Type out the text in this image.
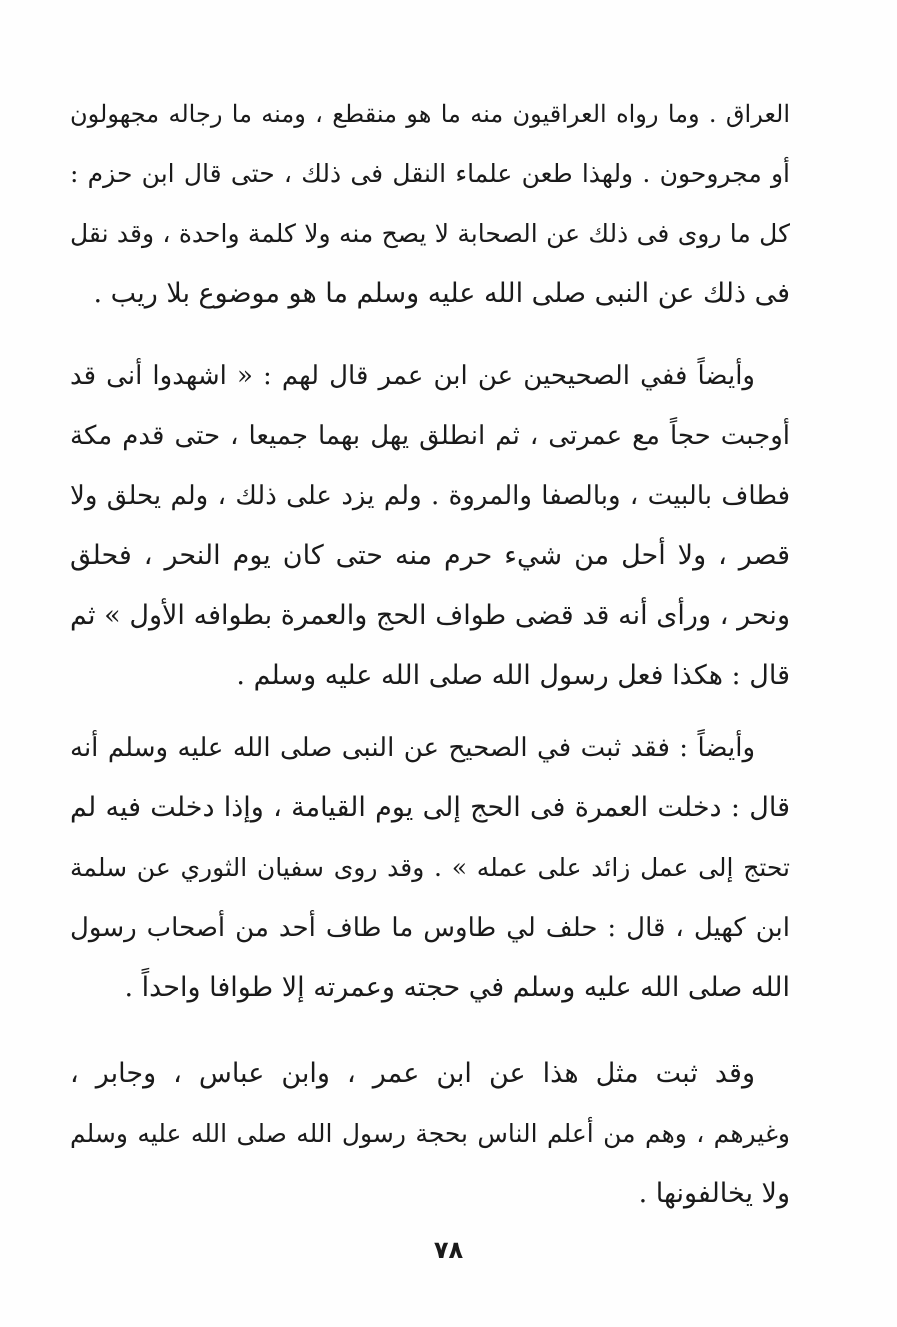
العراق . وما رواه العراقيون منه ما هو منقطع ، ومنه ما رجاله مجهولون
أو مجروحون . ولهذا طعن علماء النقل فى ذلك ، حتى قال ابن حزم :
كل ما روى فى ذلك عن الصحابة لا يصح منه ولا كلمة واحدة ، وقد نقل
فى ذلك عن النبى صلى الله عليه وسلم ما هو موضوع بلا ريب .
وأيضاً ففي الصحيحين عن ابن عمر قال لهم : « اشهدوا أنى قد
أوجبت حجاً مع عمرتى ، ثم انطلق يهل بهما جميعا ، حتى قدم مكة
فطاف بالبيت ، وبالصفا والمروة . ولم يزد على ذلك ، ولم يحلق ولا
قصر ، ولا أحل من شيء حرم منه حتى كان يوم النحر ، فحلق
ونحر ، ورأى أنه قد قضى طواف الحج والعمرة بطوافه الأول » ثم
قال : هكذا فعل رسول الله صلى الله عليه وسلم .
وأيضاً : فقد ثبت في الصحيح عن النبى صلى الله عليه وسلم أنه
قال : دخلت العمرة فى الحج إلى يوم القيامة ، وإذا دخلت فيه لم
تحتج إلى عمل زائد على عمله » . وقد روى سفيان الثوري عن سلمة
ابن كهيل ، قال : حلف لي طاوس ما طاف أحد من أصحاب رسول
الله صلى الله عليه وسلم في حجته وعمرته إلا طوافا واحداً .
وقد ثبت مثل هذا عن ابن عمر ، وابن عباس ، وجابر ،
وغيرهم ، وهم من أعلم الناس بحجة رسول الله صلى الله عليه وسلم
ولا يخالفونها .
٧٨
